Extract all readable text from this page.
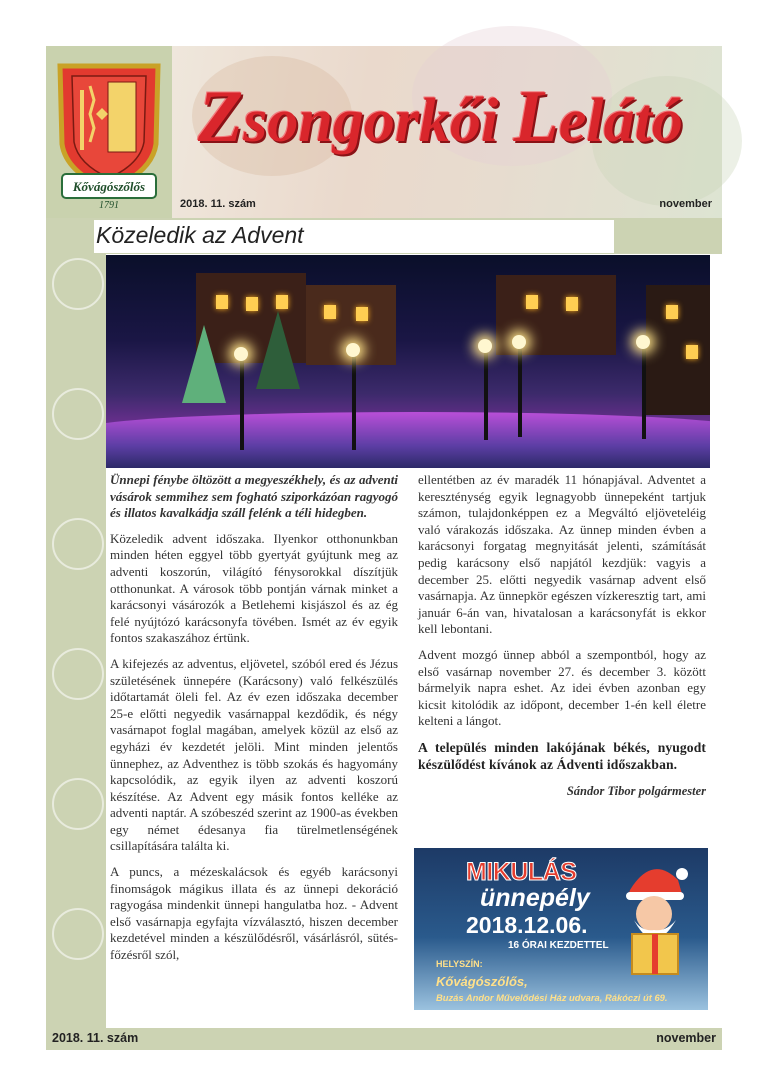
Kővágószőlős
1791
Zsongorkői Lelátó
2018. 11. szám	november
Közeledik az Advent

Ünnepi fénybe öltözött a megyeszékhely, és az adventi vásárok semmihez sem fogható sziporkázóan ragyogó és illatos kavalkádja száll felénk a téli hidegben.

Közeledik advent időszaka. Ilyenkor otthonunkban minden héten eggyel több gyertyát gyújtunk meg az adventi koszorún, világító fénysorokkal díszítjük otthonunkat. A városok több pontján várnak minket a karácsonyi vásározók a Betlehemi kisjászol és az ég felé nyújtózó karácsonyfa tövében. Ismét az év egyik fontos szakaszához értünk.

A kifejezés az adventus, eljövetel, szóból ered és Jézus születésének ünnepére (Karácsony) való felkészülés időtartamát öleli fel. Az év ezen időszaka december 25-e előtti negyedik vasárnappal kezdődik, és négy vasárnapot foglal magában, amelyek közül az első az egyházi év kezdetét jelöli. Mint minden jelentős ünnephez, az Adventhez is több szokás és hagyomány kapcsolódik, az egyik ilyen az adventi koszorú készítése. Az Advent egy másik fontos kelléke az adventi naptár. A szóbeszéd szerint az 1900-as években egy német édesanya fia türelmetlenségének csillapítására találta ki.

A puncs, a mézeskalácsok és egyéb karácsonyi finomságok mágikus illata és az ünnepi dekoráció ragyogása mindenkit ünnepi hangulatba hoz. - Advent első vasárnapja egyfajta vízválasztó, hiszen december kezdetével minden a készülődésről, vásárlásról, sütés-főzésről szól,

ellentétben az év maradék 11 hónapjával. Adventet a kereszténység egyik legnagyobb ünnepeként tartjuk számon, tulajdonképpen ez a Megváltó eljöveteléig való várakozás időszaka. Az ünnep minden évben a karácsonyi forgatag megnyitását jelenti, számítását pedig karácsony első napjától kezdjük: vagyis a december 25. előtti negyedik vasárnap advent első vasárnapja. Az ünnepkör egészen vízkeresztig tart, ami január 6-án van, hivatalosan a karácsonyfát is ekkor kell lebontani.

Advent mozgó ünnep abból a szempontból, hogy az első vasárnap november 27. és december 3. között bármelyik napra eshet. Az idei évben azonban egy kicsit kitolódik az időpont, december 1-én kell életre kelteni a lángot.

A település minden lakójának békés, nyugodt készülődést kívánok az Ádventi időszakban.

Sándor Tibor polgármester

MIKULÁS
ünnepély
2018.12.06.
16 ÓRAI KEZDETTEL
HELYSZÍN:
Kővágószőlős,
Buzás Andor Művelődési Ház udvara, Rákóczi út 69.
2018. 11. szám	november
